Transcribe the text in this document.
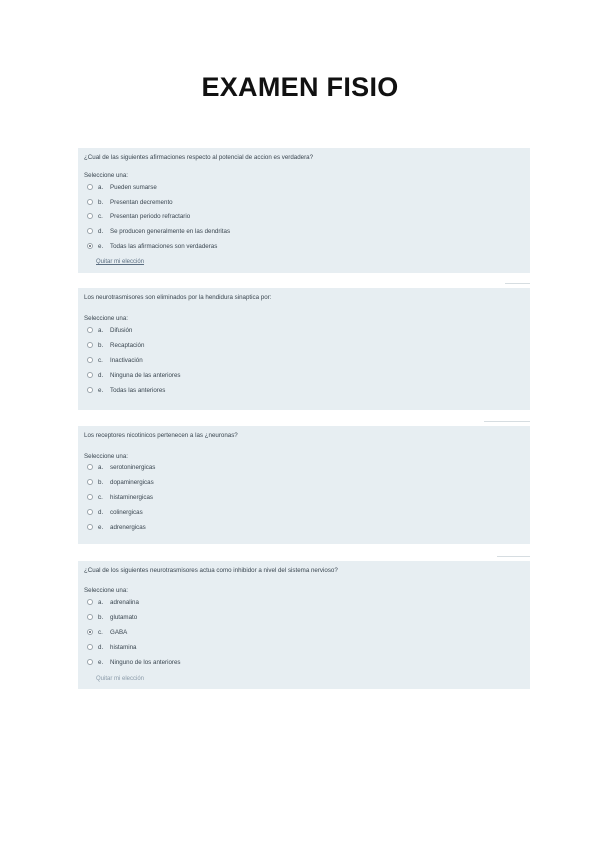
EXAMEN FISIO
¿Cual de las siguientes afirmaciones respecto al potencial de accion es verdadera?
Seleccione una:
a.	Pueden sumarse
b.	Presentan decremento
c.	Presentan periodo refractario
d.	Se producen generalmente en las dendritas
e.	Todas las afirmaciones son verdaderas
Quitar mi elección
Los neurotrasmisores son eliminados por la hendidura sinaptica por:
Seleccione una:
a.	Difusión
b.	Recaptación
c.	Inactivación
d.	Ninguna de las anteriores
e.	Todas las anteriores
Los receptores nicotinicos pertenecen a las ¿neuronas?
Seleccione una:
a.	serotoninergicas
b.	dopaminergicas
c.	histaminergicas
d.	colinergicas
e.	adrenergicas
¿Cual de los siguientes neurotrasmisores actua como inhibidor a nivel del sistema nervioso?
Seleccione una:
a.	adrenalina
b.	glutamato
c.	GABA
d.	histamina
e.	Ninguno de los anteriores
Quitar mi elección
